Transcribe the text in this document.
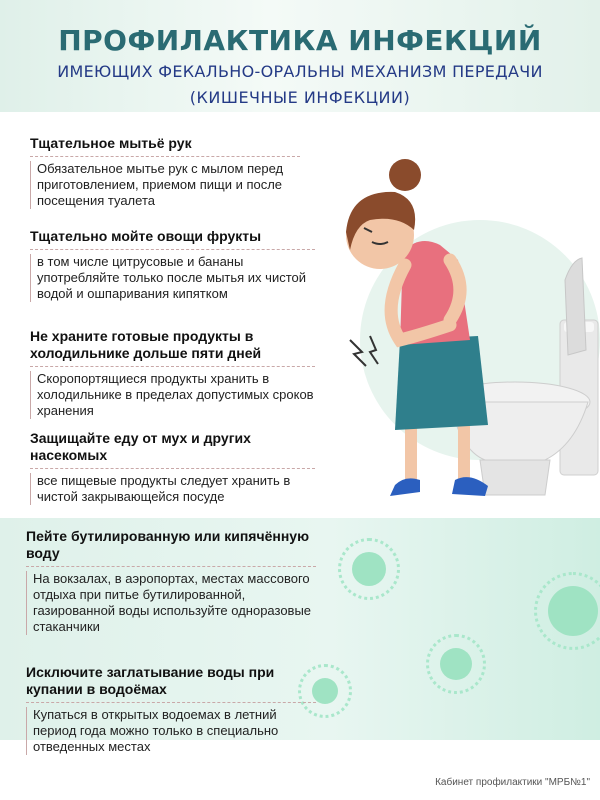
ПРОФИЛАКТИКА ИНФЕКЦИЙ
ИМЕЮЩИХ ФЕКАЛЬНО-ОРАЛЬНЫ МЕХАНИЗМ ПЕРЕДАЧИ
(КИШЕЧНЫЕ ИНФЕКЦИИ)
Тщательное мытьё рук
Обязательное мытье рук с мылом перед приготовлением, приемом пищи и после посещения туалета
Тщательно мойте овощи фрукты
в том числе цитрусовые и бананы употребляйте только после мытья их чистой водой и ошпаривания кипятком
Не храните готовые продукты в холодильнике дольше пяти дней
Скоропортящиеся продукты хранить в холодильнике в пределах допустимых сроков хранения
Защищайте еду от мух и других насекомых
все пищевые продукты следует хранить в чистой закрывающейся посуде
Пейте бутилированную или кипячённую воду
На вокзалах, в аэропортах, местах массового отдыха при питье бутилированной, газированной воды используйте одноразовые стаканчики
Исключите заглатывание воды при купании в водоёмах
Купаться в открытых водоемах в летний период года можно только в специально отведенных местах
Кабинет профилактики "МРБ№1"
